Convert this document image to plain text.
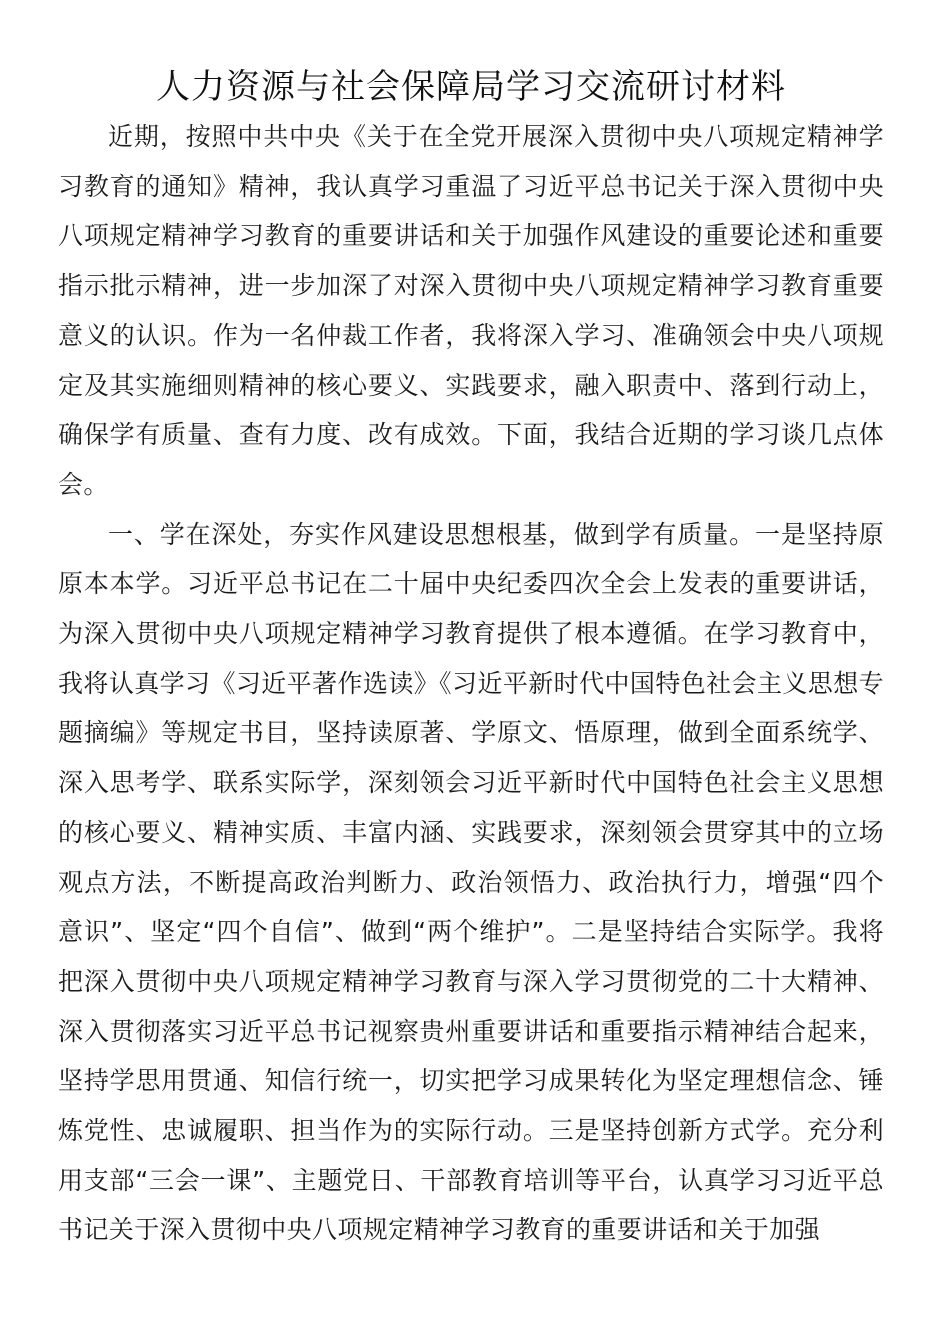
人力资源与社会保障局学习交流研讨材料

近期，按照中共中央《关于在全党开展深入贯彻中央八项规定精神学习教育的通知》精神，我认真学习重温了习近平总书记关于深入贯彻中央八项规定精神学习教育的重要讲话和关于加强作风建设的重要论述和重要指示批示精神，进一步加深了对深入贯彻中央八项规定精神学习教育重要意义的认识。作为一名仲裁工作者，我将深入学习、准确领会中央八项规定及其实施细则精神的核心要义、实践要求，融入职责中、落到行动上，确保学有质量、查有力度、改有成效。下面，我结合近期的学习谈几点体会。

一、学在深处，夯实作风建设思想根基，做到学有质量。一是坚持原原本本学。习近平总书记在二十届中央纪委四次全会上发表的重要讲话，为深入贯彻中央八项规定精神学习教育提供了根本遵循。在学习教育中，我将认真学习《习近平著作选读》《习近平新时代中国特色社会主义思想专题摘编》等规定书目，坚持读原著、学原文、悟原理，做到全面系统学、深入思考学、联系实际学，深刻领会习近平新时代中国特色社会主义思想的核心要义、精神实质、丰富内涵、实践要求，深刻领会贯穿其中的立场观点方法，不断提高政治判断力、政治领悟力、政治执行力，增强“四个意识”、坚定“四个自信”、做到“两个维护”。二是坚持结合实际学。我将把深入贯彻中央八项规定精神学习教育与深入学习贯彻党的二十大精神、深入贯彻落实习近平总书记视察贵州重要讲话和重要指示精神结合起来，坚持学思用贯通、知信行统一，切实把学习成果转化为坚定理想信念、锤炼党性、忠诚履职、担当作为的实际行动。三是坚持创新方式学。充分利用支部“三会一课”、主题党日、干部教育培训等平台，认真学习习近平总书记关于深入贯彻中央八项规定精神学习教育的重要讲话和关于加强
